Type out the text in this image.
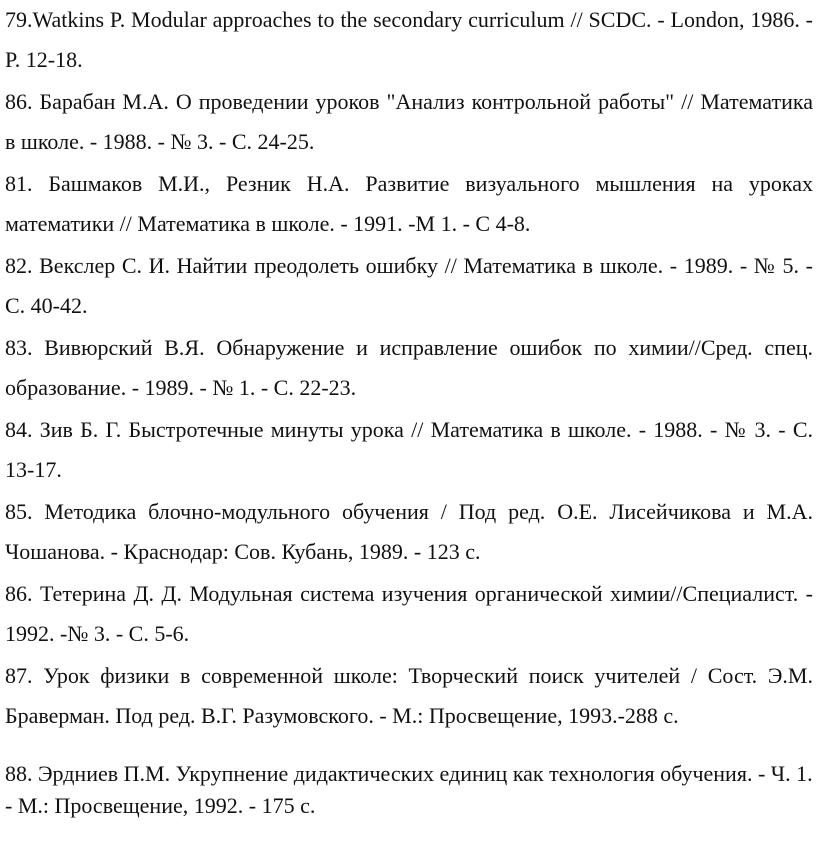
79.Watkins P. Modular approaches to the secondary curriculum // SCDC. - London, 1986. - P. 12-18.

86. Барабан М.А. О проведении уроков "Анализ контрольной работы" // Математика в школе. - 1988. - № 3. - С. 24-25.

81. Башмаков М.И., Резник Н.А. Развитие визуального мышления на уроках математики // Математика в школе. - 1991. -М 1. - С 4-8.

82. Векслер С. И. Найтии преодолеть ошибку // Математика в школе. - 1989. - № 5. - С. 40-42.

83. Вивюрский В.Я. Обнаружение и исправление ошибок по химии//Сред. спец. образование. - 1989. - № 1. - С. 22-23.

84. Зив Б. Г. Быстротечные минуты урока // Математика в школе. - 1988. - № 3. - С. 13-17.

85. Методика блочно-модульного обучения / Под ред. О.Е. Лисейчикова и М.А. Чошанова. - Краснодар: Сов. Кубань, 1989. - 123 с.

86. Тетерина Д. Д. Модульная система изучения органической химии//Специалист. - 1992. -№ 3. - С. 5-6.

87. Урок физики в современной школе: Творческий поиск учителей / Сост. Э.М. Браверман. Под ред. В.Г. Разумовского. - М.: Просвещение, 1993.-288 с.

88. Эрдниев П.М. Укрупнение дидактических единиц как технология обучения. - Ч. 1. - М.: Просвещение, 1992. - 175 с.
